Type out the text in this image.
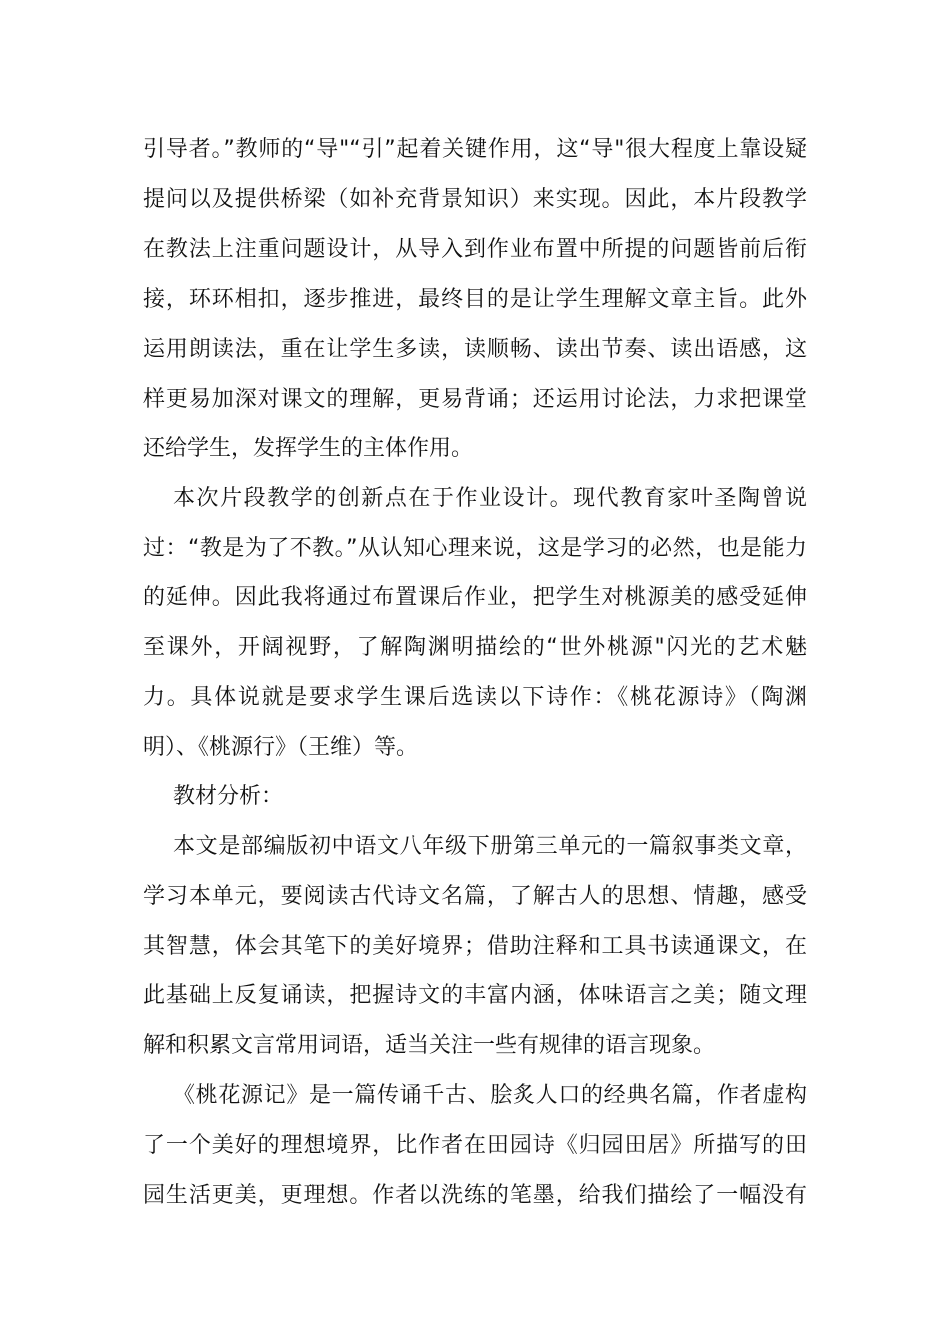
引导者。”教师的“导"“引”起着关键作用，这“导"很大程度上靠设疑
提问以及提供桥梁（如补充背景知识）来实现。因此，本片段教学
在教法上注重问题设计，从导入到作业布置中所提的问题皆前后衔
接，环环相扣，逐步推进，最终目的是让学生理解文章主旨。此外
运用朗读法，重在让学生多读，读顺畅、读出节奏、读出语感，这
样更易加深对课文的理解，更易背诵；还运用讨论法，力求把课堂
还给学生，发挥学生的主体作用。
本次片段教学的创新点在于作业设计。现代教育家叶圣陶曾说
过：“教是为了不教。”从认知心理来说，这是学习的必然，也是能力
的延伸。因此我将通过布置课后作业，把学生对桃源美的感受延伸
至课外，开阔视野，了解陶渊明描绘的“世外桃源"闪光的艺术魅
力。具体说就是要求学生课后选读以下诗作：《桃花源诗》（陶渊
明）、《桃源行》（王维）等。
教材分析：
本文是部编版初中语文八年级下册第三单元的一篇叙事类文章，
学习本单元，要阅读古代诗文名篇，了解古人的思想、情趣，感受
其智慧，体会其笔下的美好境界；借助注释和工具书读通课文，在
此基础上反复诵读，把握诗文的丰富内涵，体味语言之美；随文理
解和积累文言常用词语，适当关注一些有规律的语言现象。
《桃花源记》是一篇传诵千古、脍炙人口的经典名篇，作者虚构
了一个美好的理想境界，比作者在田园诗《归园田居》所描写的田
园生活更美，更理想。作者以洗练的笔墨，给我们描绘了一幅没有
